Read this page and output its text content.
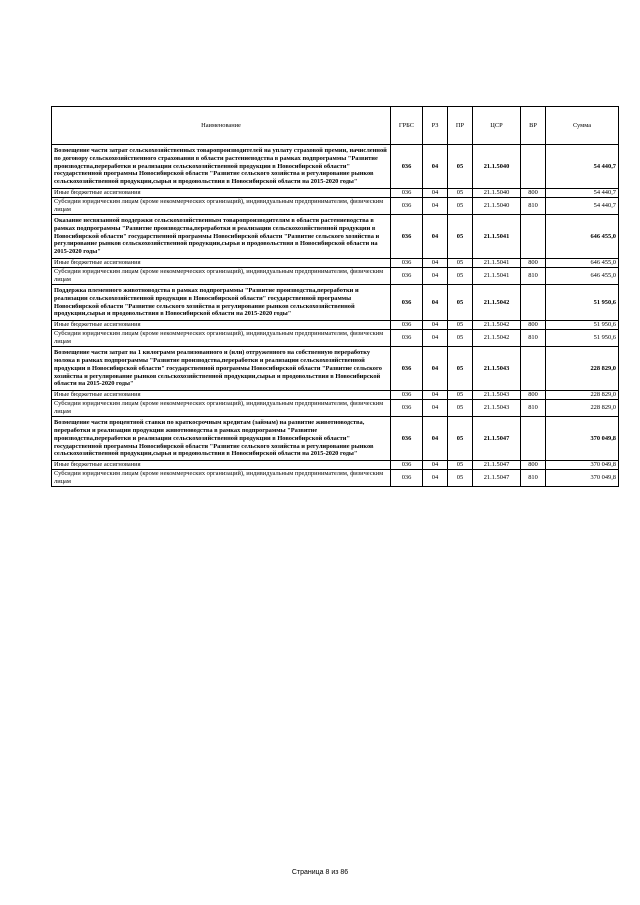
Наименование	ГРБС	РЗ	ПР	ЦСР	ВР	Сумма
Возмещение части затрат сельскохозяйственных товаропроизводителей на уплату страховой премии, начисленной по договору сельскохозяйственного страхования в области растениеводства в рамках подпрограммы "Развитие производства,переработки и реализации сельскохозяйственной продукции в Новосибирской области" государственной программы Новосибирской области "Развитие сельского хозяйства и регулирование рынков сельскохозяйственной продукции,сырья и продовольствия в Новосибирской области на 2015-2020 годы"	036	04	05	21.1.5040		54 440,7
Иные бюджетные ассигнования	036	04	05	21.1.5040	800	54 440,7
Субсидии юридическим лицам (кроме некоммерческих организаций), индивидуальным предпринимателям, физическим лицам	036	04	05	21.1.5040	810	54 440,7
Оказание несвязанной поддержки сельскохозяйственным товаропроизводителям в области растениеводства в рамках подпрограммы "Развитие производства,переработки и реализации сельскохозяйственной продукции в Новосибирской области" государственной программы Новосибирской области "Развитие сельского хозяйства и регулирование рынков сельскохозяйственной продукции,сырья и продовольствия в Новосибирской области на 2015-2020 годы"	036	04	05	21.1.5041		646 455,0
Иные бюджетные ассигнования	036	04	05	21.1.5041	800	646 455,0
Субсидии юридическим лицам (кроме некоммерческих организаций), индивидуальным предпринимателям, физическим лицам	036	04	05	21.1.5041	810	646 455,0
Поддержка племенного животноводства в рамках подпрограммы "Развитие производства,переработки и реализации сельскохозяйственной продукции в Новосибирской области" государственной программы Новосибирской области "Развитие сельского хозяйства и регулирование рынков сельскохозяйственной продукции,сырья и продовольствия в Новосибирской области на 2015-2020 годы"	036	04	05	21.1.5042		51 950,6
Иные бюджетные ассигнования	036	04	05	21.1.5042	800	51 950,6
Субсидии юридическим лицам (кроме некоммерческих организаций), индивидуальным предпринимателям, физическим лицам	036	04	05	21.1.5042	810	51 950,6
Возмещение части затрат на 1 килограмм реализованного и (или) отгруженного на собственную переработку молока в рамках подпрограммы "Развитие производства,переработки и реализации сельскохозяйственной продукции в Новосибирской области" государственной программы Новосибирской области "Развитие сельского хозяйства и регулирование рынков сельскохозяйственной продукции,сырья и продовольствия в Новосибирской области на 2015-2020 годы"	036	04	05	21.1.5043		228 829,0
Иные бюджетные ассигнования	036	04	05	21.1.5043	800	228 829,0
Субсидии юридическим лицам (кроме некоммерческих организаций), индивидуальным предпринимателям, физическим лицам	036	04	05	21.1.5043	810	228 829,0
Возмещение части процентной ставки по краткосрочным кредитам (займам) на развитие животноводства, переработки и реализации продукции животноводства в рамках подпрограммы "Развитие производства,переработки и реализации сельскохозяйственной продукции в Новосибирской области" государственной программы Новосибирской области "Развитие сельского хозяйства и регулирование рынков сельскохозяйственной продукции,сырья и продовольствия в Новосибирской области на 2015-2020 годы"	036	04	05	21.1.5047		370 049,8
Иные бюджетные ассигнования	036	04	05	21.1.5047	800	370 049,8
Субсидии юридическим лицам (кроме некоммерческих организаций), индивидуальным предпринимателям, физическим лицам	036	04	05	21.1.5047	810	370 049,8
Страница 8 из 86
